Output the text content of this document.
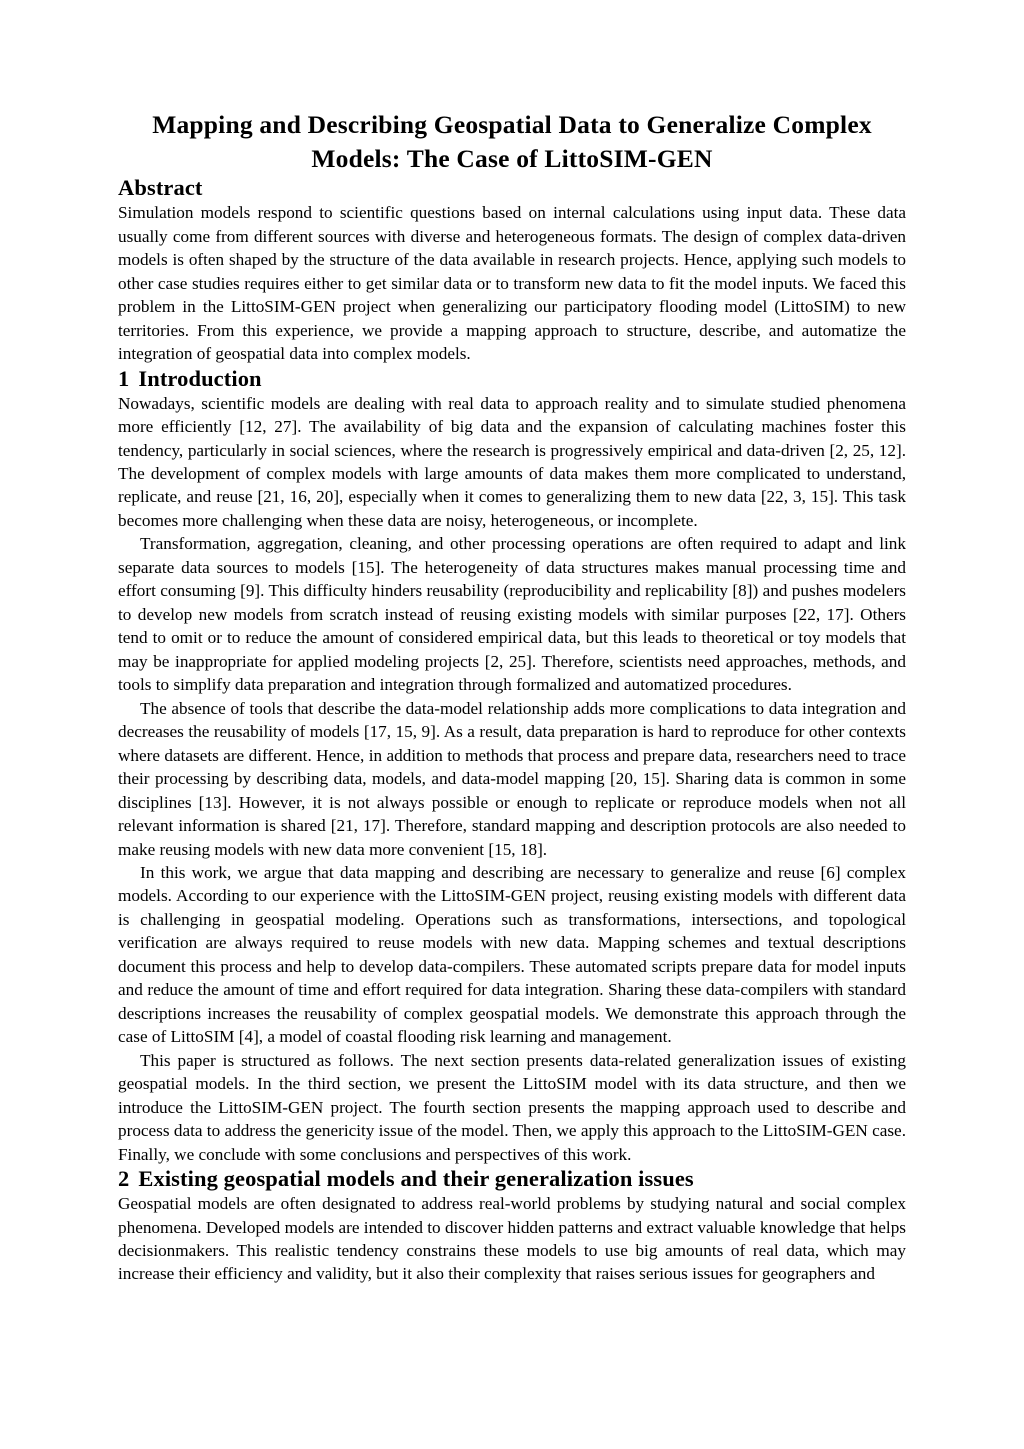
Mapping and Describing Geospatial Data to Generalize Complex
Models: The Case of LittoSIM-GEN
Abstract

Simulation models respond to scientific questions based on internal calculations using input data. These data usually come from different sources with diverse and heterogeneous formats. The design of complex data-driven models is often shaped by the structure of the data available in research projects. Hence, applying such models to other case studies requires either to get similar data or to transform new data to fit the model inputs. We faced this problem in the LittoSIM-GEN project when generalizing our participatory flooding model (LittoSIM) to new territories. From this experience, we provide a mapping approach to structure, describe, and automatize the integration of geospatial data into complex models.

1 Introduction

Nowadays, scientific models are dealing with real data to approach reality and to simulate studied phenomena more efficiently [12, 27]. The availability of big data and the expansion of calculating machines foster this tendency, particularly in social sciences, where the research is progressively empirical and data-driven [2, 25, 12]. The development of complex models with large amounts of data makes them more complicated to understand, replicate, and reuse [21, 16, 20], especially when it comes to generalizing them to new data [22, 3, 15]. This task becomes more challenging when these data are noisy, heterogeneous, or incomplete.

Transformation, aggregation, cleaning, and other processing operations are often required to adapt and link separate data sources to models [15]. The heterogeneity of data structures makes manual processing time and effort consuming [9]. This difficulty hinders reusability (reproducibility and replicability [8]) and pushes modelers to develop new models from scratch instead of reusing existing models with similar purposes [22, 17]. Others tend to omit or to reduce the amount of considered empirical data, but this leads to theoretical or toy models that may be inappropriate for applied modeling projects [2, 25]. Therefore, scientists need approaches, methods, and tools to simplify data preparation and integration through formalized and automatized procedures.

The absence of tools that describe the data-model relationship adds more complications to data integration and decreases the reusability of models [17, 15, 9]. As a result, data preparation is hard to reproduce for other contexts where datasets are different. Hence, in addition to methods that process and prepare data, researchers need to trace their processing by describing data, models, and data-model mapping [20, 15]. Sharing data is common in some disciplines [13]. However, it is not always possible or enough to replicate or reproduce models when not all relevant information is shared [21, 17]. Therefore, standard mapping and description protocols are also needed to make reusing models with new data more convenient [15, 18].

In this work, we argue that data mapping and describing are necessary to generalize and reuse [6] complex models. According to our experience with the LittoSIM-GEN project, reusing existing models with different data is challenging in geospatial modeling. Operations such as transformations, intersections, and topological verification are always required to reuse models with new data. Mapping schemes and textual descriptions document this process and help to develop data-compilers. These automated scripts prepare data for model inputs and reduce the amount of time and effort required for data integration. Sharing these data-compilers with standard descriptions increases the reusability of complex geospatial models. We demonstrate this approach through the case of LittoSIM [4], a model of coastal flooding risk learning and management.

This paper is structured as follows. The next section presents data-related generalization issues of existing geospatial models. In the third section, we present the LittoSIM model with its data structure, and then we introduce the LittoSIM-GEN project. The fourth section presents the mapping approach used to describe and process data to address the genericity issue of the model. Then, we apply this approach to the LittoSIM-GEN case. Finally, we conclude with some conclusions and perspectives of this work.

2 Existing geospatial models and their generalization issues

Geospatial models are often designated to address real-world problems by studying natural and social complex phenomena. Developed models are intended to discover hidden patterns and extract valuable knowledge that helps decisionmakers. This realistic tendency constrains these models to use big amounts of real data, which may increase their efficiency and validity, but it also their complexity that raises serious issues for geographers and
